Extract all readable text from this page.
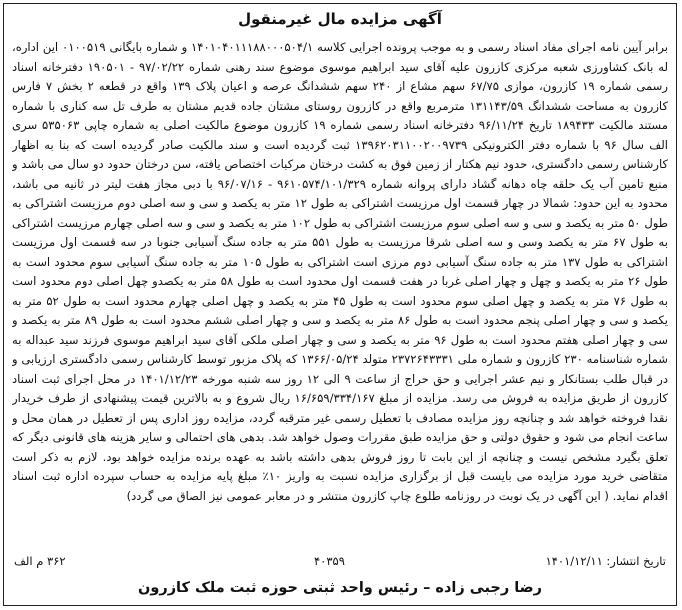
آگهی مزایده مال غیرمنقول
برابر آیین نامه اجرای مفاد اسناد رسمی و به موجب پرونده اجرایی کلاسه ۱۴۰۱۰۴۰۱۱۱۸۸۰۰۰۵۰۴/۱ و شماره بایگانی ۰۱۰۰۵۱۹ این اداره، له بانک کشاورزی شعبه مرکزی کازرون علیه آقای سید ابراهیم موسوی موضوع سند رهنی شماره ۹۷/۰۲/۲۲ - ۱۹۰۵۰۱ دفترخانه اسناد رسمی شماره ۱۹ کازرون، موازی ۶۷/۷۵ سهم مشاع از ۲۴۰ سهم ششدانگ عرصه و اعیان پلاک ۱۳۹ واقع در قطعه ۲ بخش ۷ فارس کازرون به مساحت ششدانگ ۱۳۱۱۴۳/۵۹ مترمربع واقع در کازرون روستای مشتان جاده قدیم مشتان به طرف تل سه کناری با شماره مستند مالکیت ۱۸۹۴۳۳ تاریخ ۹۶/۱۱/۲۴ دفترخانه اسناد رسمی شماره ۱۹ کازرون موضوع مالکیت اصلی به شماره چاپی ۵۳۵۰۶۳ سری الف سال ۹۶ با شماره دفتر الکترونیکی ۱۳۹۶۲۰۳۱۱۰۰۲۰۰۹۷۳۹ ثبت گردیده است و سند مالکیت صادر گردیده است که بنا به اظهار کارشناس رسمی دادگستری، حدود نیم هکتار از زمین فوق به کشت درختان مرکبات اختصاص یافته، سن درختان حدود دو سال می باشد و منبع تامین آب یک حلقه چاه دهانه گشاد دارای پروانه شماره ۹۶۱۰۵۷۴/۱۰۱/۳۲۹ - ۹۶/۰۷/۱۶ با دبی مجاز هفت لیتر در ثانیه می باشد، محدود به این حدود: شمالا در چهار قسمت اول مرزیست اشتراکی به طول ۱۲ متر به یکصد و سی و سه اصلی دوم مرزیست اشتراکی به طول ۵۰ متر به یکصد و سی و سه اصلی سوم مرزیست اشتراکی به طول ۱۰۲ متر به یکصد و سی و سه اصلی چهارم مرزیست اشتراکی به طول ۶۷ متر به یکصد وسی و سه اصلی شرقا مرزیست به طول ۵۵۱ متر به جاده سنگ آسیابی جنوبا در سه قسمت اول مرزیست اشتراکی به طول ۱۳۷ متر به جاده سنگ آسیابی دوم مرزی است اشتراکی به طول ۱۰۵ متر به جاده سنگ آسیابی سوم محدود است به طول ۲۶ متر به یکصد و چهل و چهار اصلی غربا در هفت قسمت اول محدود است به طول ۵۸ متر به یکصدو چهل اصلی دوم محدود است به طول ۷۶ متر به یکصد و چهل اصلی سوم محدود است به طول ۴۵ متر به یکصد و چهل اصلی چهارم محدود است به طول ۵۲ متر به یکصد و سی و چهار اصلی پنجم محدود است به طول ۸۶ متر به یکصد و سی و چهار اصلی ششم محدود است به طول ۸۹ متر به یکصد و سی و چهار اصلی هفتم محدود است به طول ۹۶ متر به یکصد و سی و چهار اصلی ملکی آقای سید ابراهیم موسوی فرزند سید عبداله به شماره شناسنامه ۲۳۰ کازرون و شماره ملی ۲۳۷۲۶۴۳۳۳۱ متولد ۱۳۶۶/۰۵/۲۴ که پلاک مزبور توسط کارشناس رسمی دادگستری ارزیابی و در قبال طلب بستانکار و نیم عشر اجرایی و حق حراج از ساعت ۹ الی ۱۲ روز سه شنبه مورخه ۱۴۰۱/۱۲/۲۳ در محل اجرای ثبت اسناد کازرون از طریق مزایده به فروش می رسد. مزایده از مبلغ ۱۶/۶۵۹/۳۳۴/۱۶۷ ریال شروع و به بالاترین قیمت پیشنهادی از طرف خریدار نقدا فروخته خواهد شد و چنانچه روز مزایده مصادف با تعطیل رسمی غیر مترقبه گردد، مزایده روز اداری پس از تعطیل در همان محل و ساعت انجام می شود و حقوق دولتی و حق مزایده طبق مقررات وصول خواهد شد. بدهی های احتمالی و سایر هزینه های قانونی دیگر که تعلق بگیرد مشخص نیست و چنانچه از این بابت تا روز فروش بدهی داشته باشد به عهده برنده مزایده خواهد بود. لازم به ذکر است متقاضی خرید مورد مزایده می بایست قبل از برگزاری مزایده نسبت به واریز ۱۰٪ مبلغ پایه مزایده به حساب سپرده اداره ثبت اسناد اقدام نماید. ( این آگهی در یک نوبت در روزنامه طلوع چاپ کازرون منتشر و در معابر عمومی نیز الصاق می گردد)
تاریخ انتشار: ۱۴۰۱/۱۲/۱۱
۴۰۳۵۹
۳۶۲ م الف
رضا رجبی زاده – رئیس واحد ثبتی حوزه ثبت ملک کازرون
